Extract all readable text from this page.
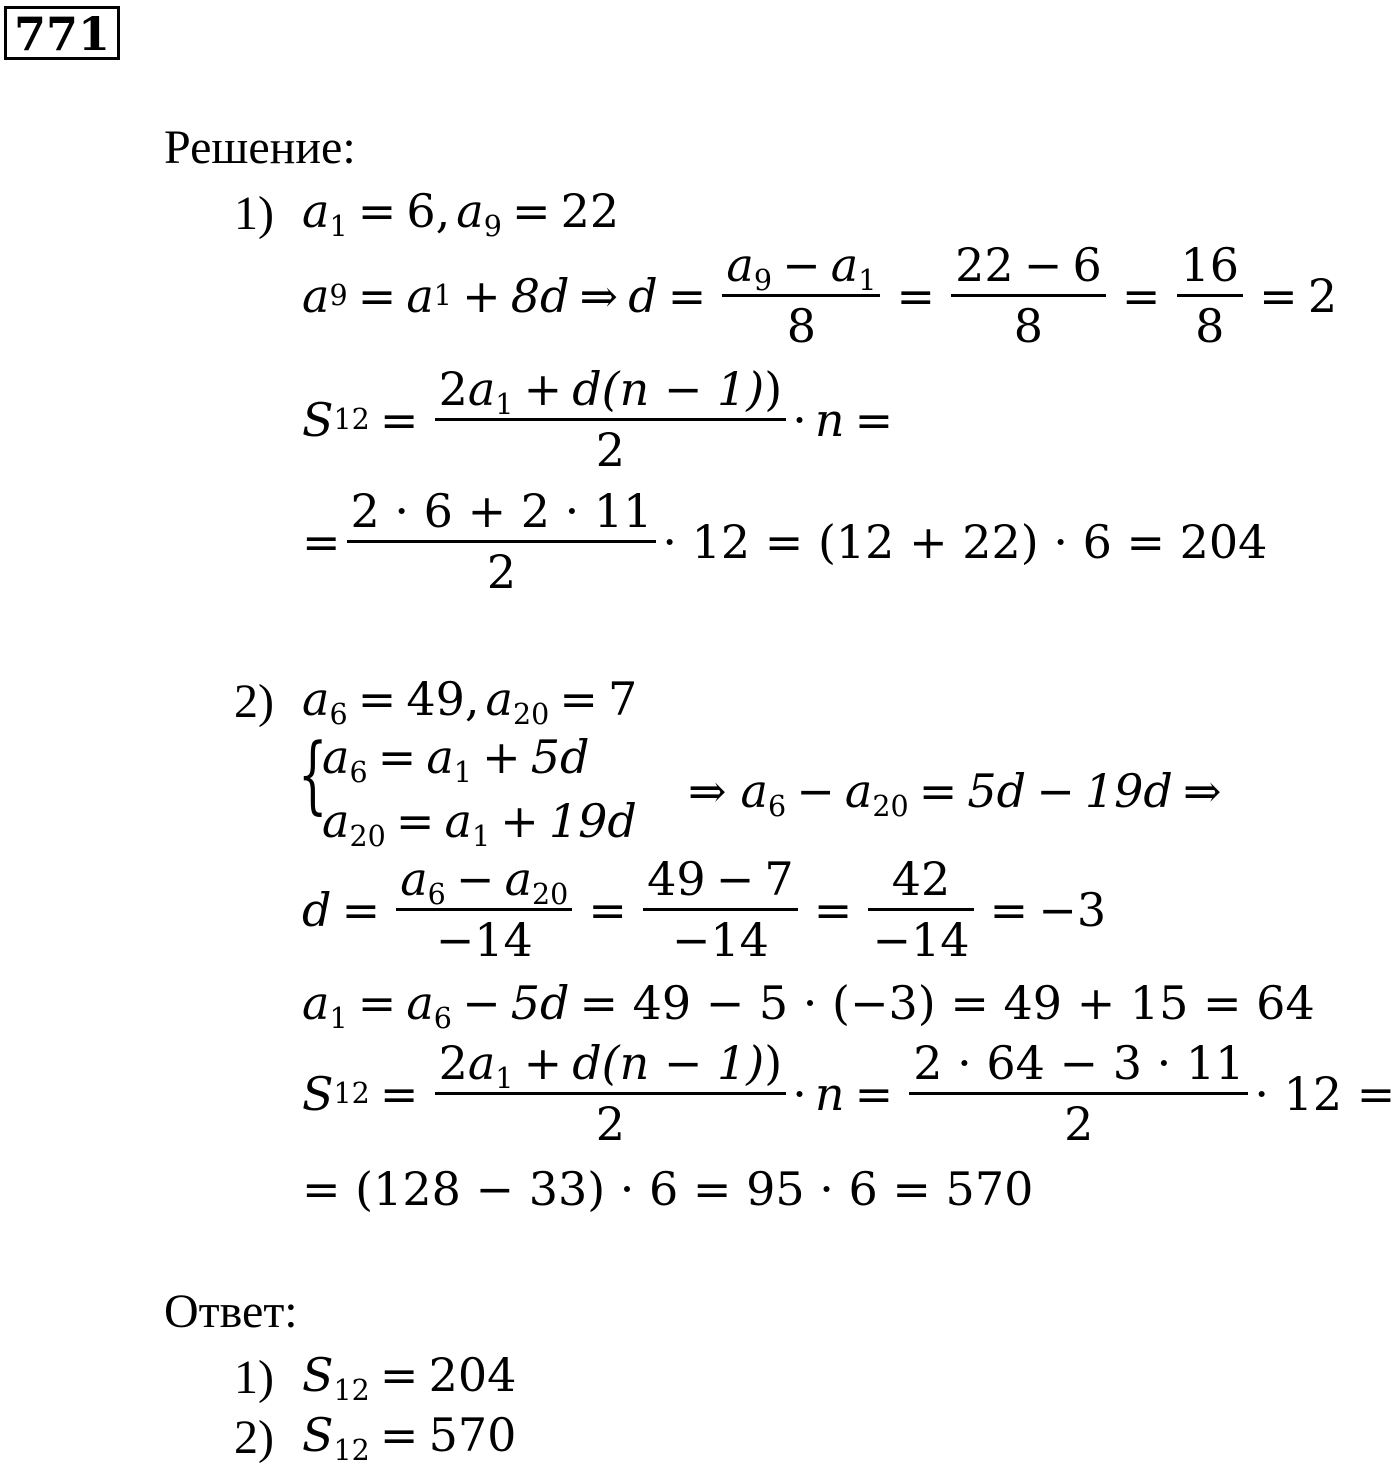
771
Решение:
1) $a_1 = 6$, $a_9 = 22$
a 9 = a 1 + 8d ⇒ $d = \frac{a_9 - a_1}{8} = \frac{22 - 6}{8} = \frac{16}{8} = 2$
S $12 = \frac{2a_1 + d(n - 1))}{2} \cdot n$ =
= $\frac{2 \cdot 6 + 2 \cdot 11}{2} \cdot 12 = (12 + 22) \cdot 6 = 204$
2) $a_6 = 49$, $a_{20} = 7$
{
$a_6 = a_1 + 5d$
$a_{20} = a_1 + 19d$
⇒ $a_6 - a_{20} = 5d - 19d$ ⇒
$d = \frac{a_6 - a_{20}}{-14} = \frac{49 - 7}{-14} = \frac{42}{-14} = -3$
$a_1 = a_6 - 5d = 49 - 5 \cdot (-3) = 49 + 15 = 64$
S $12 = \frac{2a_1 + d(n - 1))}{2} \cdot n = \frac{2 \cdot 64 - 3 \cdot 11}{2} \cdot 12$ =
= (128 − 33) · 6 = 95 · 6 = 570
Ответ:
1) $S_{12} = 204$
2) $S_{12} = 570$
